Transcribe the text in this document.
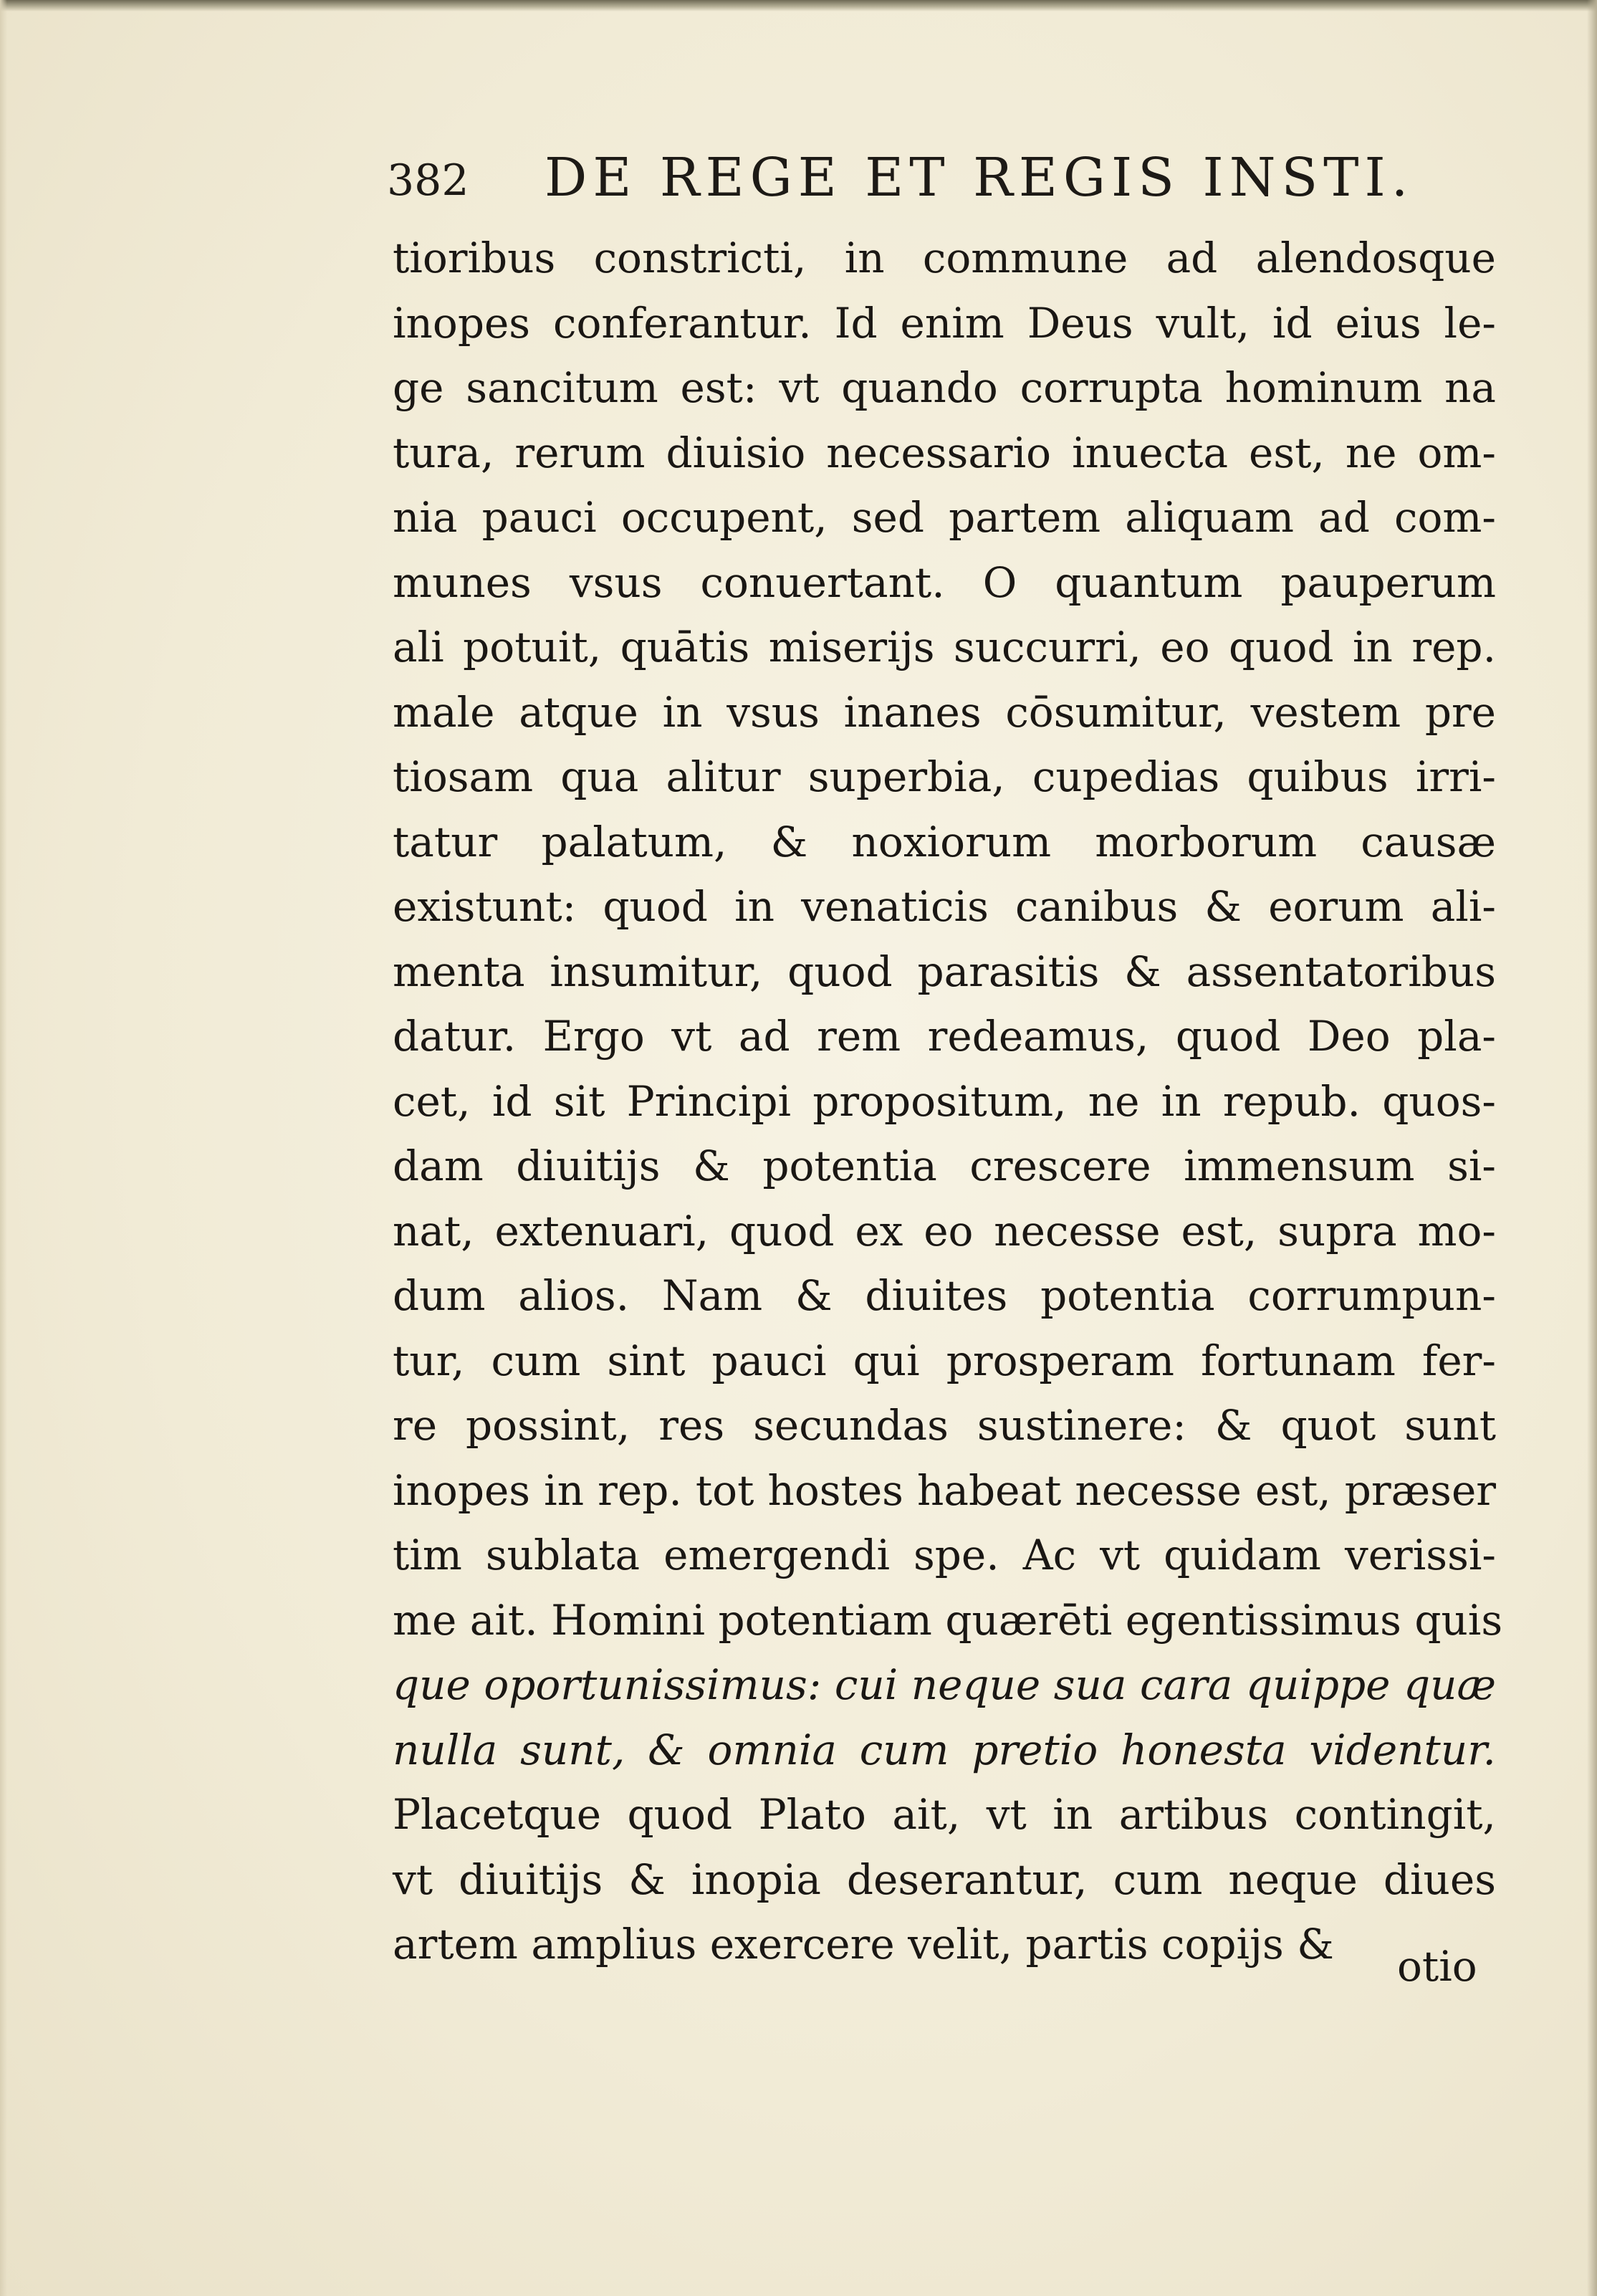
382 DE REGE ET REGIS INSTI.
tioribus constricti, in commune ad alendosque
inopes conferantur. Id enim Deus vult, id eius le-
ge sancitum est: vt quando corrupta hominum na
tura, rerum diuisio necessario inuecta est, ne om-
nia pauci occupent, sed partem aliquam ad com-
munes vsus conuertant. O quantum pauperum
ali potuit, quātis miserijs succurri, eo quod in rep.
male atque in vsus inanes cōsumitur, vestem pre
tiosam qua alitur superbia, cupedias quibus irri-
tatur palatum, & noxiorum morborum causæ
existunt: quod in venaticis canibus & eorum ali-
menta insumitur, quod parasitis & assentatoribus
datur. Ergo vt ad rem redeamus, quod Deo pla-
cet, id sit Principi propositum, ne in repub. quos-
dam diuitijs & potentia crescere immensum si-
nat, extenuari, quod ex eo necesse est, supra mo-
dum alios. Nam & diuites potentia corrumpun-
tur, cum sint pauci qui prosperam fortunam fer-
re possint, res secundas sustinere: & quot sunt
inopes in rep. tot hostes habeat necesse est, præser
tim sublata emergendi spe. Ac vt quidam verissi-
me ait. Homini potentiam quærēti egentissimus quis
que oportunissimus: cui neque sua cara quippe quæ
nulla sunt, & omnia cum pretio honesta videntur.
Placetque quod Plato ait, vt in artibus contingit,
vt diuitijs & inopia deserantur, cum neque diues
artem amplius exercere velit, partis copijs &	otio
